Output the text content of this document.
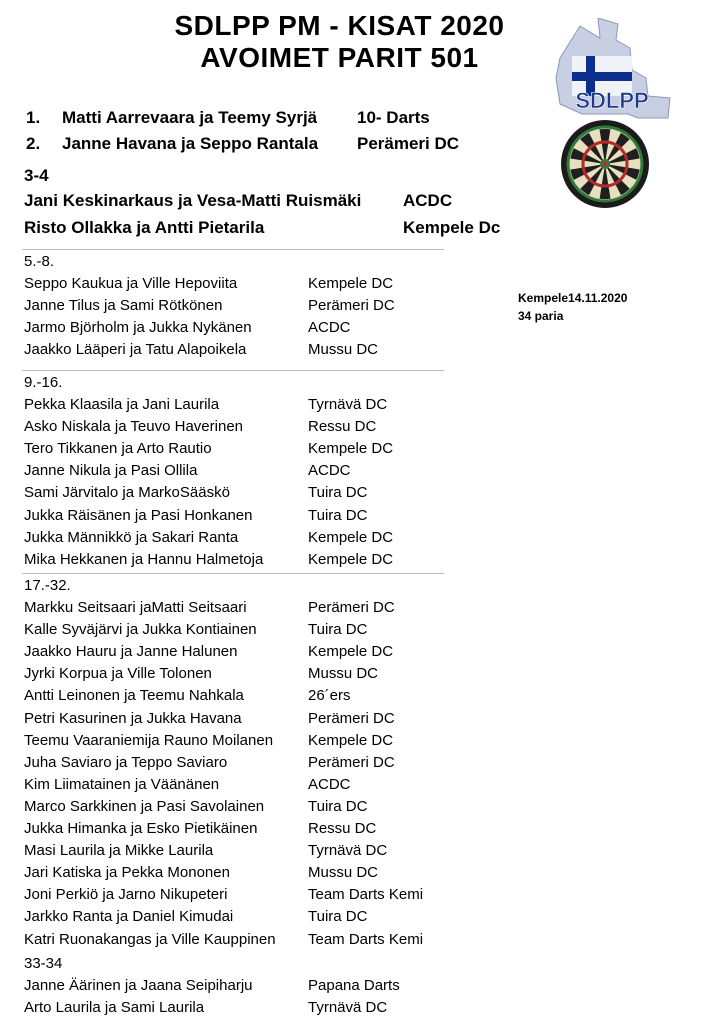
SDLPP PM - KISAT 2020
AVOIMET PARIT 501
SDLPP
1. Matti Aarrevaara ja Teemy Syrjä 10- Darts
2. Janne Havana ja Seppo Rantala Perämeri DC
3-4
Jani Keskinarkaus ja Vesa-Matti Ruismäki ACDC
Risto Ollakka ja Antti Pietarila	Kempele Dc
Kempele14.11.2020
34 paria
5.-8.
Seppo Kaukua ja Ville Hepoviita	Kempele DC
Janne Tilus ja Sami Rötkönen	Perämeri DC
Jarmo Björholm ja Jukka Nykänen	ACDC
Jaakko Lääperi ja Tatu Alapoikela	Mussu DC
9.-16.
Pekka Klaasila ja Jani Laurila	Tyrnävä DC
Asko Niskala ja Teuvo Haverinen	Ressu DC
Tero Tikkanen ja Arto Rautio	Kempele DC
Janne Nikula ja Pasi Ollila	ACDC
Sami Järvitalo ja MarkoSääskö	Tuira DC
Jukka Räisänen ja Pasi Honkanen	Tuira DC
Jukka Männikkö ja Sakari Ranta	Kempele DC
Mika Hekkanen ja Hannu Halmetoja	Kempele DC
17.-32.
Markku Seitsaari jaMatti Seitsaari	Perämeri DC
Kalle Syväjärvi ja Jukka Kontiainen	Tuira DC
Jaakko Hauru ja Janne Halunen	Kempele DC
Jyrki Korpua ja Ville Tolonen	Mussu DC
Antti Leinonen ja Teemu Nahkala	26´ers
Petri Kasurinen ja Jukka Havana	Perämeri DC
Teemu Vaaraniemija Rauno Moilanen Kempele DC
Juha Saviaro ja Teppo Saviaro	Perämeri DC
Kim Liimatainen ja Väänänen	ACDC
Marco Sarkkinen ja Pasi Savolainen	Tuira DC
Jukka Himanka ja Esko Pietikäinen	Ressu DC
Masi Laurila ja Mikke Laurila	Tyrnävä DC
Jari Katiska ja Pekka Mononen	Mussu DC
Joni Perkiö ja Jarno Nikupeteri	Team Darts Kemi
Jarkko Ranta ja Daniel Kimudai	Tuira DC
Katri Ruonakangas ja Ville Kauppinen Team Darts Kemi
33-34
Janne Äärinen ja Jaana Seipiharju	Papana Darts
Arto Laurila ja Sami Laurila	Tyrnävä DC
